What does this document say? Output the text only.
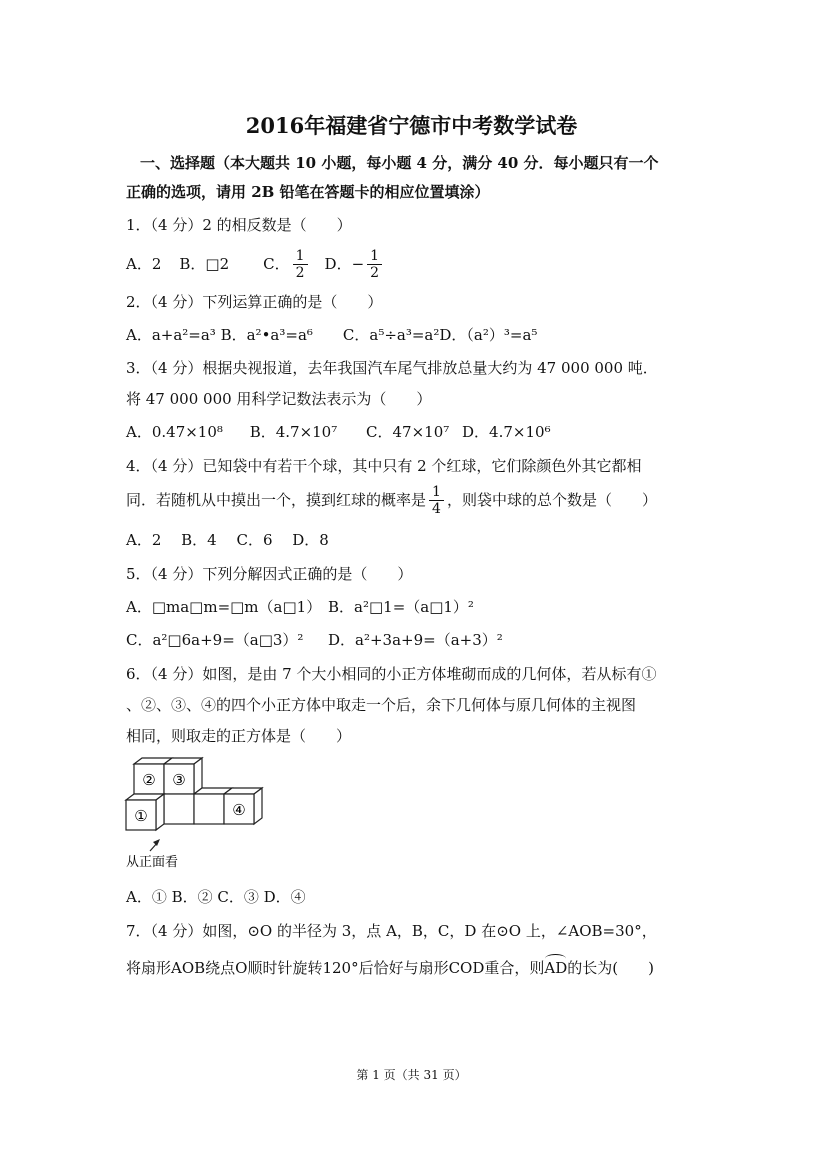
2016年福建省宁德市中考数学试卷
一、选择题（本大题共 10 小题，每小题 4 分，满分 40 分．每小题只有一个
正确的选项，请用 2B 铅笔在答题卡的相应位置填涂）
1．（4 分）2 的相反数是（　　）
A．2 B．□2 C． $\frac{1}{2}$ D．− $\frac{1}{2}$
2．（4 分）下列运算正确的是（　　）
A．a+a²=a³ B．a²•a³=a⁶　　C．a⁵÷a³=a²D．（a²）³=a⁵
3．（4 分）根据央视报道，去年我国汽车尾气排放总量大约为 47 000 000 吨．
将 47 000 000 用科学记数法表示为（　　）
A．0.47×10⁸ B．4.7×10⁷ C．47×10⁷ D．4.7×10⁶
4．（4 分）已知袋中有若干个球，其中只有 2 个红球，它们除颜色外其它都相
同．若随机从中摸出一个，摸到红球的概率是 $\frac{1}{4}$ ，则袋中球的总个数是（　　）
A．2　 B．4　 C．6　 D．8
5．（4 分）下列分解因式正确的是（　　）
A．□ma□m=□m（a□1） B．a²□1=（a□1）²
C．a²□6a+9=（a□3）² D．a²+3a+9=（a+3）²
6．（4 分）如图，是由 7 个大小相同的小正方体堆砌而成的几何体，若从标有①
、②、③、④的四个小正方体中取走一个后，余下几何体与原几何体的主视图
相同，则取走的正方体是（　　）
② ③
④
①
从正面看
A．① B．② C．③ D．④
7．（4 分）如图，⊙O 的半径为 3，点 A，B，C，D 在⊙O 上，∠AOB=30°，
将扇形AOB绕点O顺时针旋转120°后恰好与扇形COD重合，则AD的长为(　　)
第 1 页（共 31 页）
